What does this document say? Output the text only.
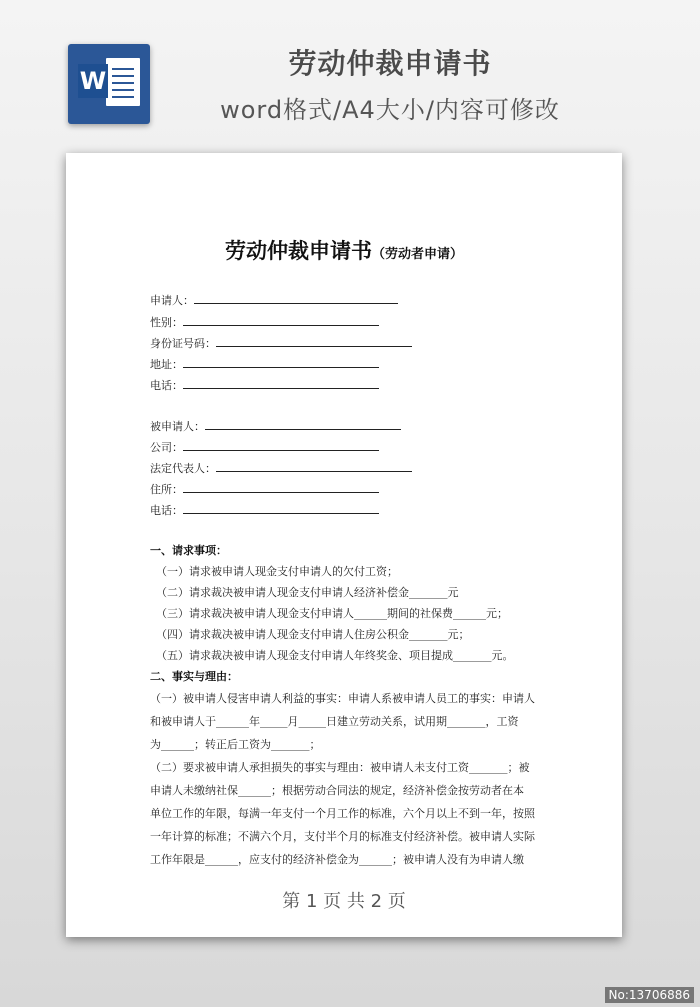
W
劳动仲裁申请书
word格式/A4大小/内容可修改
劳动仲裁申请书（劳动者申请）
申请人：
性别：
身份证号码：
地址：
电话：
被申请人：
公司：
法定代表人：
住所：
电话：
一、请求事项：
（一）请求被申请人现金支付申请人的欠付工资；
（二）请求裁决被申请人现金支付申请人经济补偿金_______元
（三）请求裁决被申请人现金支付申请人______期间的社保费______元；
（四）请求裁决被申请人现金支付申请人住房公积金_______元；
（五）请求裁决被申请人现金支付申请人年终奖金、项目提成_______元。
二、事实与理由：
（一）被申请人侵害申请人利益的事实：申请人系被申请人员工的事实：申请人
和被申请人于______年_____月_____日建立劳动关系，试用期_______，工资
为______；转正后工资为_______；
（二）要求被申请人承担损失的事实与理由：被申请人未支付工资_______；被
申请人未缴纳社保______；根据劳动合同法的规定，经济补偿金按劳动者在本
单位工作的年限，每满一年支付一个月工作的标准，六个月以上不到一年，按照
一年计算的标准；不满六个月，支付半个月的标准支付经济补偿。被申请人实际
工作年限是______，应支付的经济补偿金为______；被申请人没有为申请人缴
第 1 页 共 2 页
No:13706886
